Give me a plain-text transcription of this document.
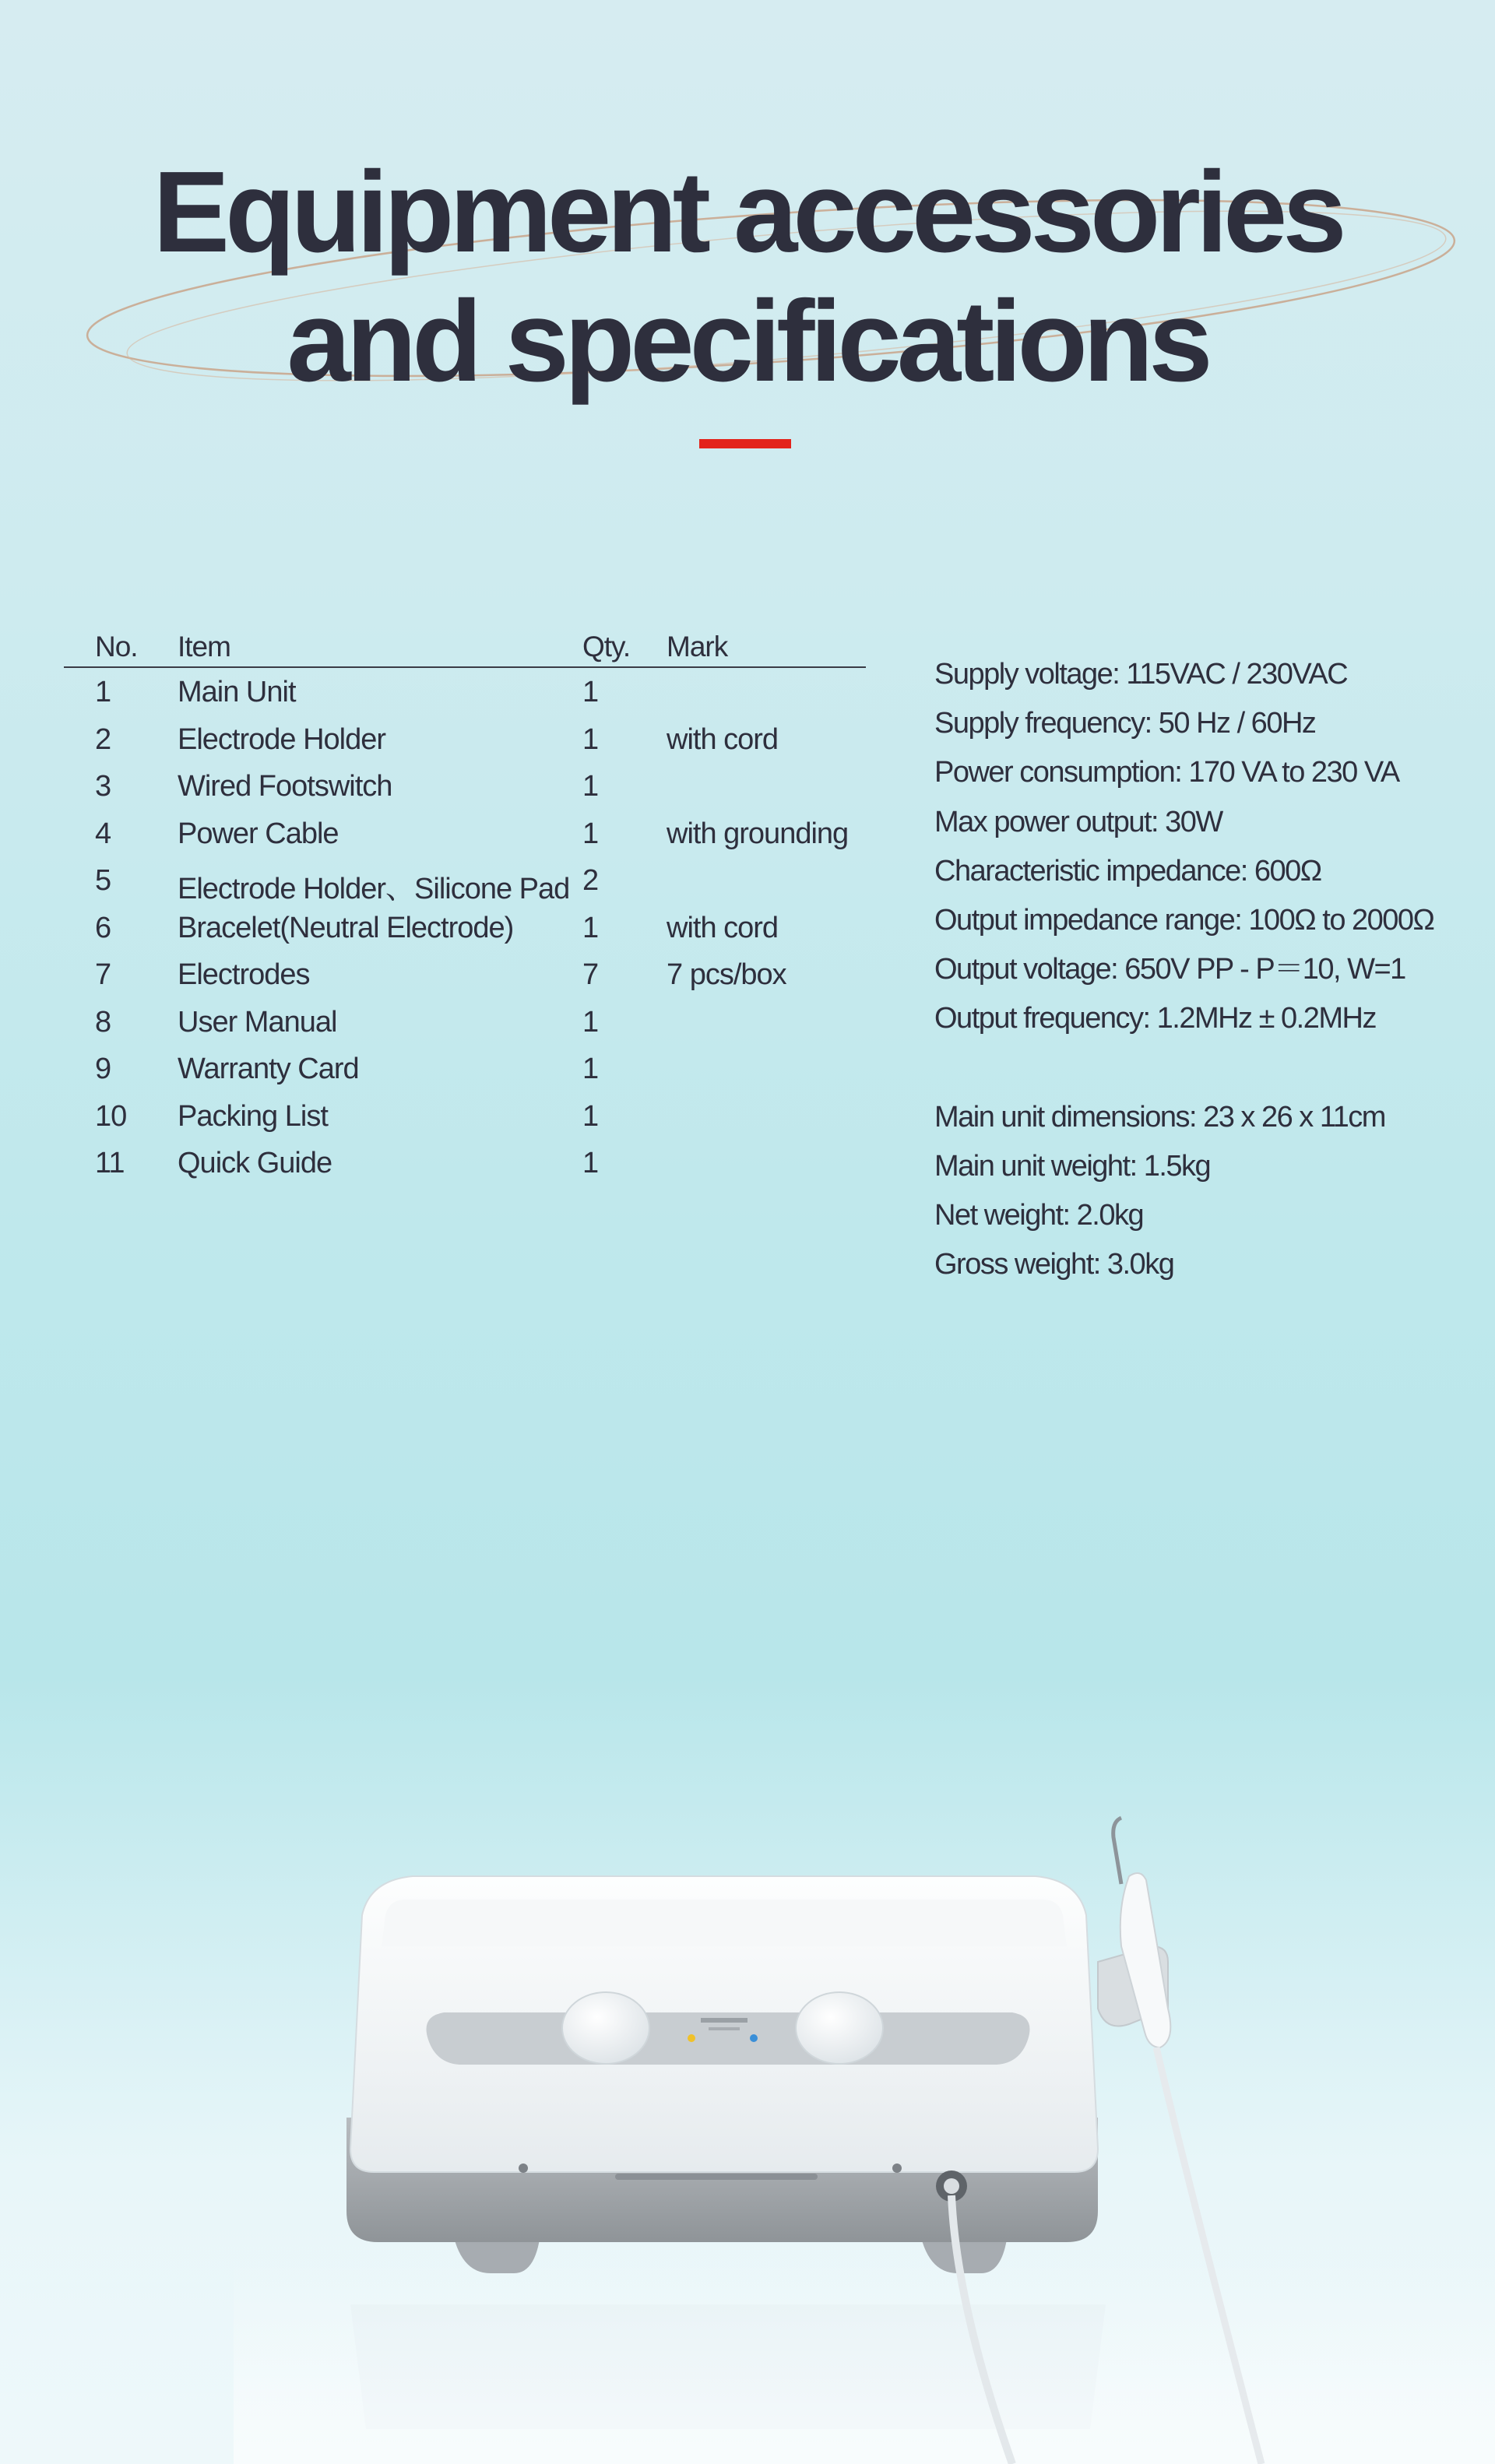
Equipment accessories
and specifications
No. Item	Qty. Mark
1 Main Unit	1
2 Electrode Holder	1 with cord
3 Wired Footswitch	1
4 Power Cable	1 with grounding
5 Electrode Holder、Silicone Pad 2
6 Bracelet(Neutral Electrode) 1 with cord
7 Electrodes	7 7 pcs/box
8 User Manual	1
9 Warranty Card	1
10 Packing List	1
11 Quick Guide	1
Supply voltage: 115VAC / 230VAC
Supply frequency: 50 Hz / 60Hz
Power consumption: 170 VA to 230 VA
Max power output: 30W
Characteristic impedance: 600Ω
Output impedance range: 100Ω to 2000Ω
Output voltage: 650V PP - P＝10, W=1
Output frequency: 1.2MHz ± 0.2MHz
Main unit dimensions: 23 x 26 x 11cm
Main unit weight: 1.5kg
Net weight: 2.0kg
Gross weight: 3.0kg
